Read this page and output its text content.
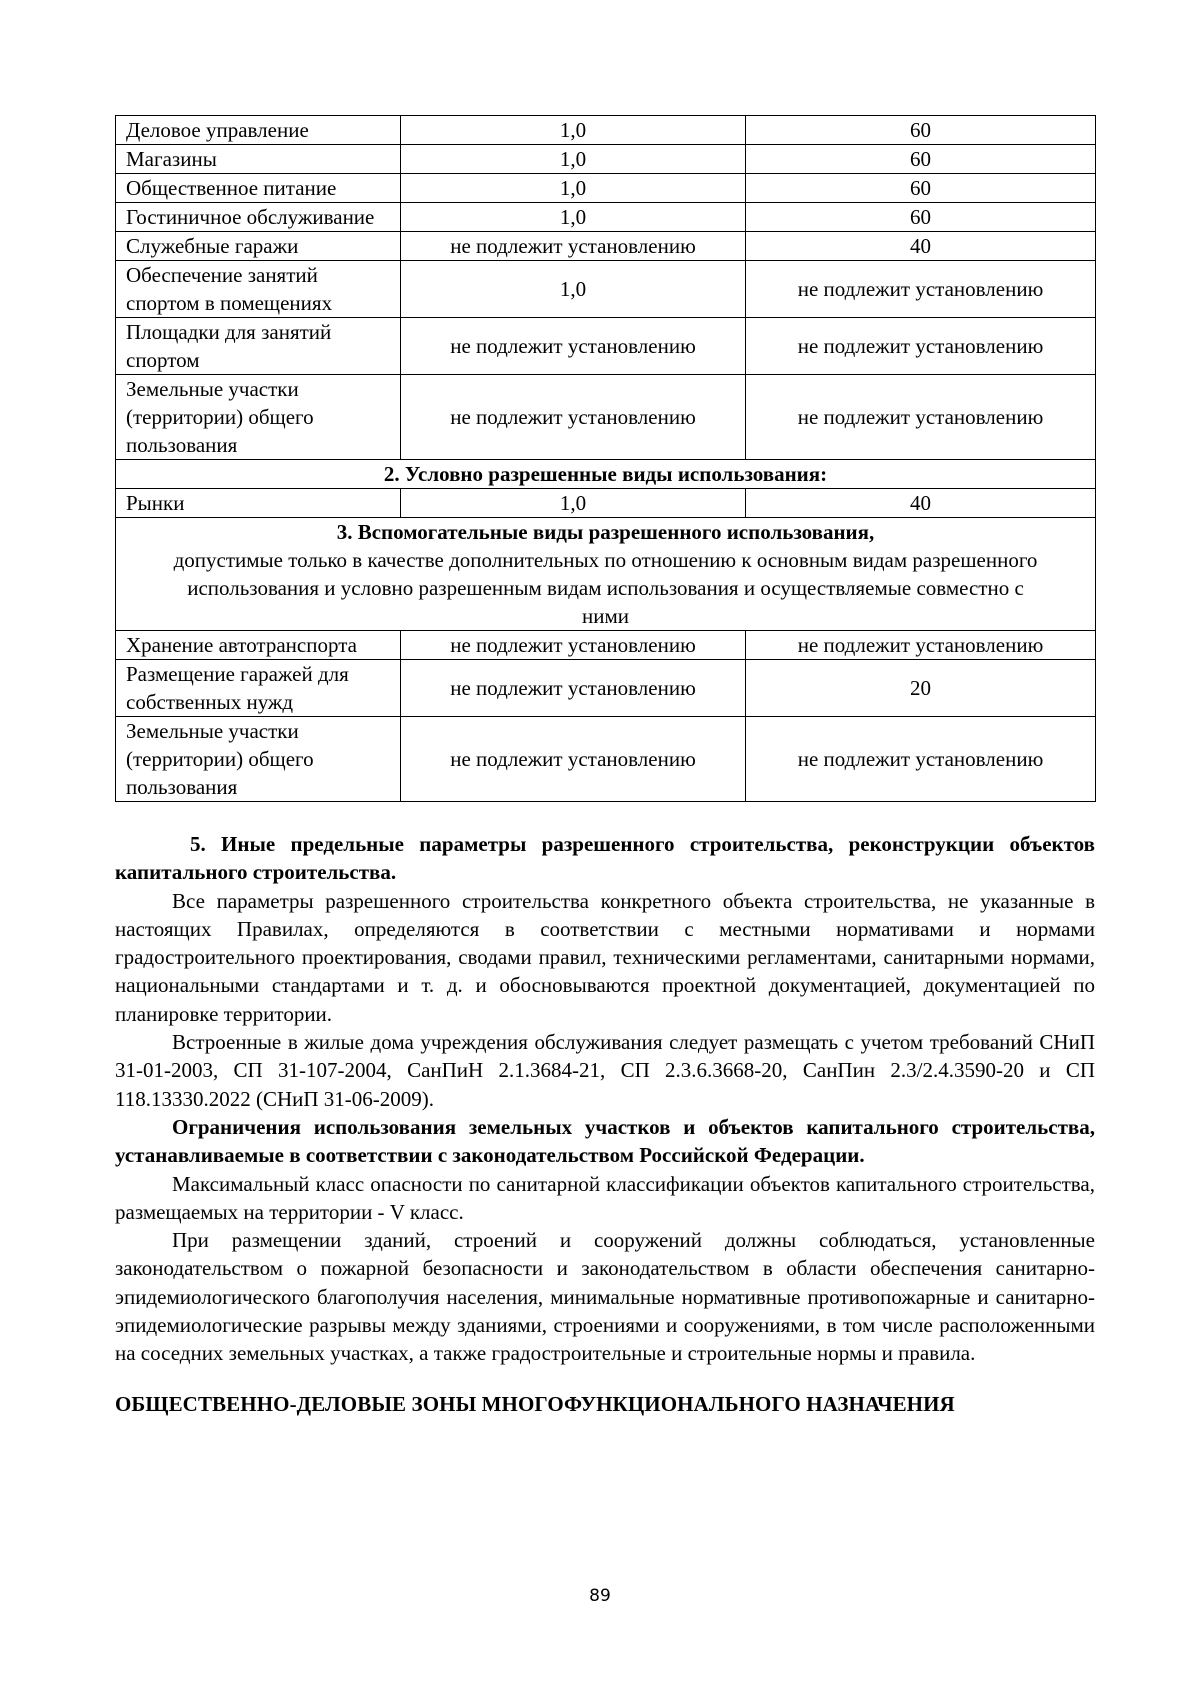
Деловое управление	1,0	60
Магазины	1,0	60
Общественное питание	1,0	60
Гостиничное обслуживание	1,0	60
Служебные гаражи	не подлежит установлению	40
Обеспечение занятий спортом в помещениях	1,0	не подлежит установлению
Площадки для занятий спортом	не подлежит установлению	не подлежит установлению
Земельные участки (территории) общего пользования	не подлежит установлению	не подлежит установлению
2. Условно разрешенные виды использования:		
Рынки	1,0	40

3. Вспомогательные виды разрешенного использования,
допустимые только в качестве дополнительных по отношению к основным видам разрешенного использования и условно разрешенным видам использования и осуществляемые совместно с ними		

Хранение автотранспорта	не подлежит установлению	не подлежит установлению
Размещение гаражей для собственных нужд	не подлежит установлению	20
Земельные участки (территории) общего пользования	не подлежит установлению	не подлежит установлению

5. Иные предельные параметры разрешенного строительства, реконструкции объектов капитального строительства.

Все параметры разрешенного строительства конкретного объекта строительства, не указанные в настоящих Правилах, определяются в соответствии с местными нормативами и нормами градостроительного проектирования, сводами правил, техническими регламентами, санитарными нормами, национальными стандартами и т. д. и обосновываются проектной документацией, документацией по планировке территории.

Встроенные в жилые дома учреждения обслуживания следует размещать с учетом требований СНиП 31-01-2003, СП 31-107-2004, СанПиН 2.1.3684-21, СП 2.3.6.3668-20, СанПин 2.3/2.4.3590-20 и СП 118.13330.2022 (СНиП 31-06-2009).

Ограничения использования земельных участков и объектов капитального строительства, устанавливаемые в соответствии с законодательством Российской Федерации.

Максимальный класс опасности по санитарной классификации объектов капитального строительства, размещаемых на территории - V класс.

При размещении зданий, строений и сооружений должны соблюдаться, установленные законодательством о пожарной безопасности и законодательством в области обеспечения санитарно-эпидемиологического благополучия населения, минимальные нормативные противопожарные и санитарно-эпидемиологические разрывы между зданиями, строениями и сооружениями, в том числе расположенными на соседних земельных участках, а также градостроительные и строительные нормы и правила.

ОБЩЕСТВЕННО-ДЕЛОВЫЕ ЗОНЫ МНОГОФУНКЦИОНАЛЬНОГО НАЗНАЧЕНИЯ
89
